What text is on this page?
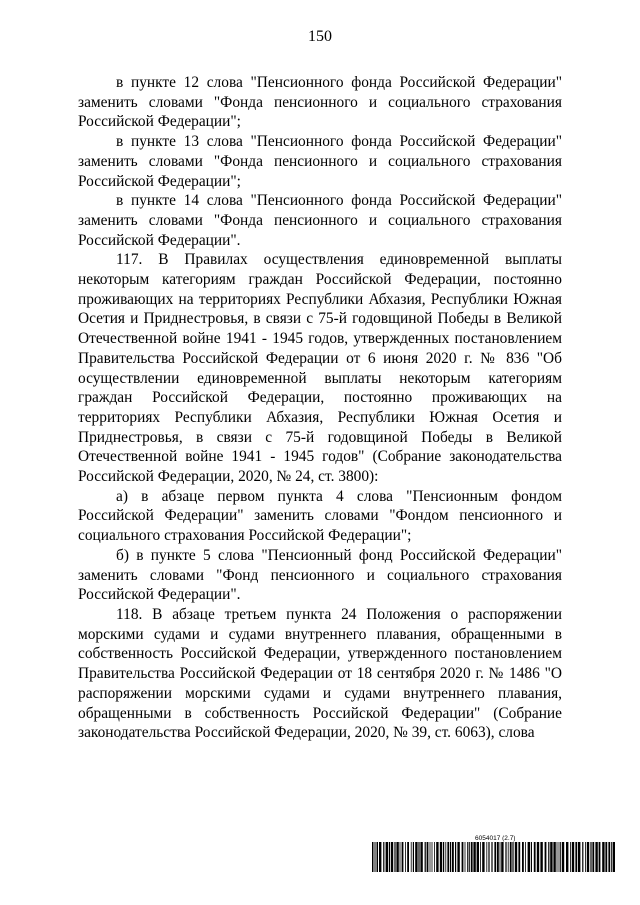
150

в пункте 12 слова "Пенсионного фонда Российской Федерации" заменить словами "Фонда пенсионного и социального страхования Российской Федерации";

в пункте 13 слова "Пенсионного фонда Российской Федерации" заменить словами "Фонда пенсионного и социального страхования Российской Федерации";

в пункте 14 слова "Пенсионного фонда Российской Федерации" заменить словами "Фонда пенсионного и социального страхования Российской Федерации".

117. В Правилах осуществления единовременной выплаты некоторым категориям граждан Российской Федерации, постоянно проживающих на территориях Республики Абхазия, Республики Южная Осетия и Приднестровья, в связи с 75-й годовщиной Победы в Великой Отечественной войне 1941 - 1945 годов, утвержденных постановлением Правительства Российской Федерации от 6 июня 2020 г. № 836 "Об осуществлении единовременной выплаты некоторым категориям граждан Российской Федерации, постоянно проживающих на территориях Республики Абхазия, Республики Южная Осетия и Приднестровья, в связи с 75-й годовщиной Победы в Великой Отечественной войне 1941 - 1945 годов" (Собрание законодательства Российской Федерации, 2020, № 24, ст. 3800):

а) в абзаце первом пункта 4 слова "Пенсионным фондом Российской Федерации" заменить словами "Фондом пенсионного и социального страхования Российской Федерации";

б) в пункте 5 слова "Пенсионный фонд Российской Федерации" заменить словами "Фонд пенсионного и социального страхования Российской Федерации".

118. В абзаце третьем пункта 24 Положения о распоряжении морскими судами и судами внутреннего плавания, обращенными в собственность Российской Федерации, утвержденного постановлением Правительства Российской Федерации от 18 сентября 2020 г. № 1486 "О распоряжении морскими судами и судами внутреннего плавания, обращенными в собственность Российской Федерации" (Собрание законодательства Российской Федерации, 2020, № 39, ст. 6063), слова

6054017 (2.7)
